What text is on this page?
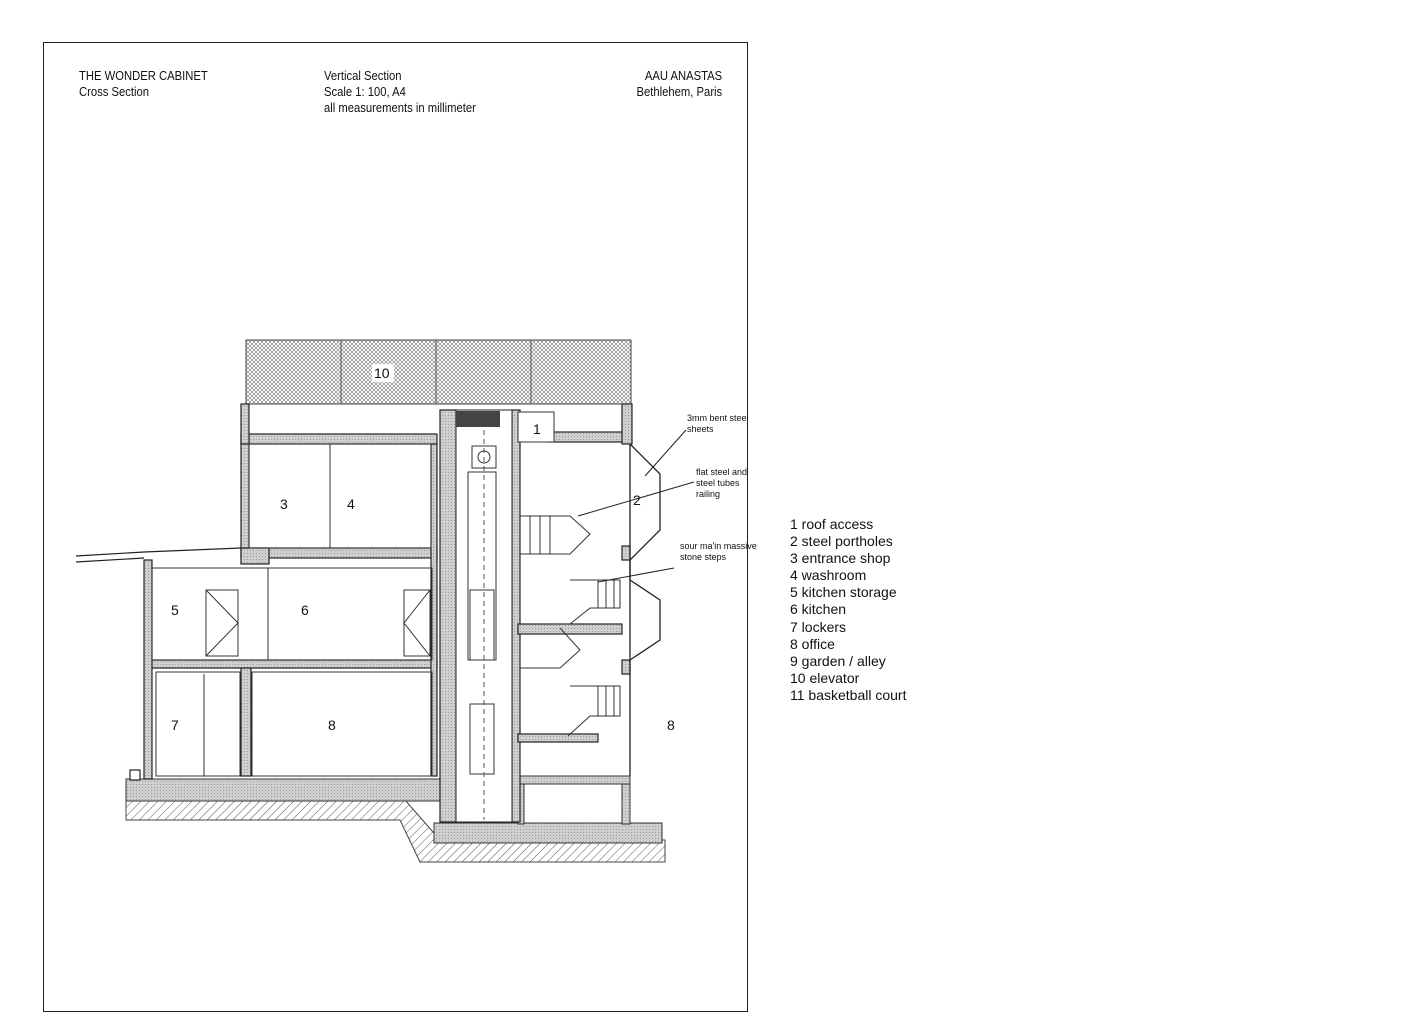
THE WONDER CABINET
Cross Section
Vertical Section
Scale 1: 100, A4
all measurements in millimeter
AAU ANASTAS
Bethlehem, Paris
10
1
2
3	4
5	6
7	8	8
3mm bent steel
sheets
flat steel and
steel tubes
railing
sour ma'in massive
stone steps
1 roof access
2 steel portholes
3 entrance shop
4 washroom
5 kitchen storage
6 kitchen
7 lockers
8 office
9 garden / alley
10 elevator
11 basketball court
